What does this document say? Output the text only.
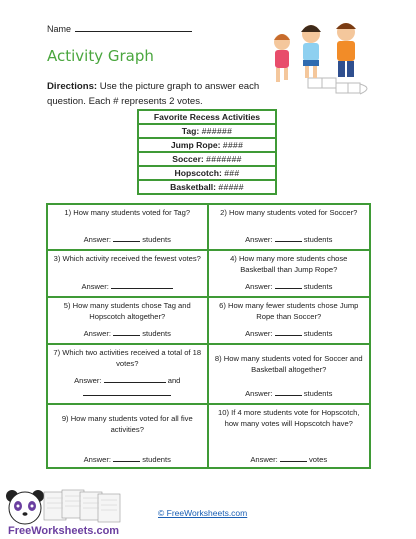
Name
Activity Graph
Directions: Use the picture graph to answer each question. Each # represents 2 votes.
Favorite Recess Activities
Tag: ######
Jump Rope: ####
Soccer: #######
Hopscotch: ###
Basketball: #####
1) How many students voted for Tag?
Answer:	students
2) How many students voted for Soccer?
Answer:	students
3) Which activity received the fewest votes?
Answer:
4) How many more students chose Basketball than Jump Rope?
Answer:	students
5) How many students chose Tag and Hopscotch altogether?
Answer:	students
6) How many fewer students chose Jump Rope than Soccer?
Answer:	students
7) Which two activities received a total of 18 votes?
Answer:	and
8) How many students voted for Soccer and Basketball altogether?
Answer:	students
9) How many students voted for all five activities?
Answer:	students
10) If 4 more students vote for Hopscotch, how many votes will Hopscotch have?
Answer:	votes
FreeWorksheets.com
© FreeWorksheets.com
